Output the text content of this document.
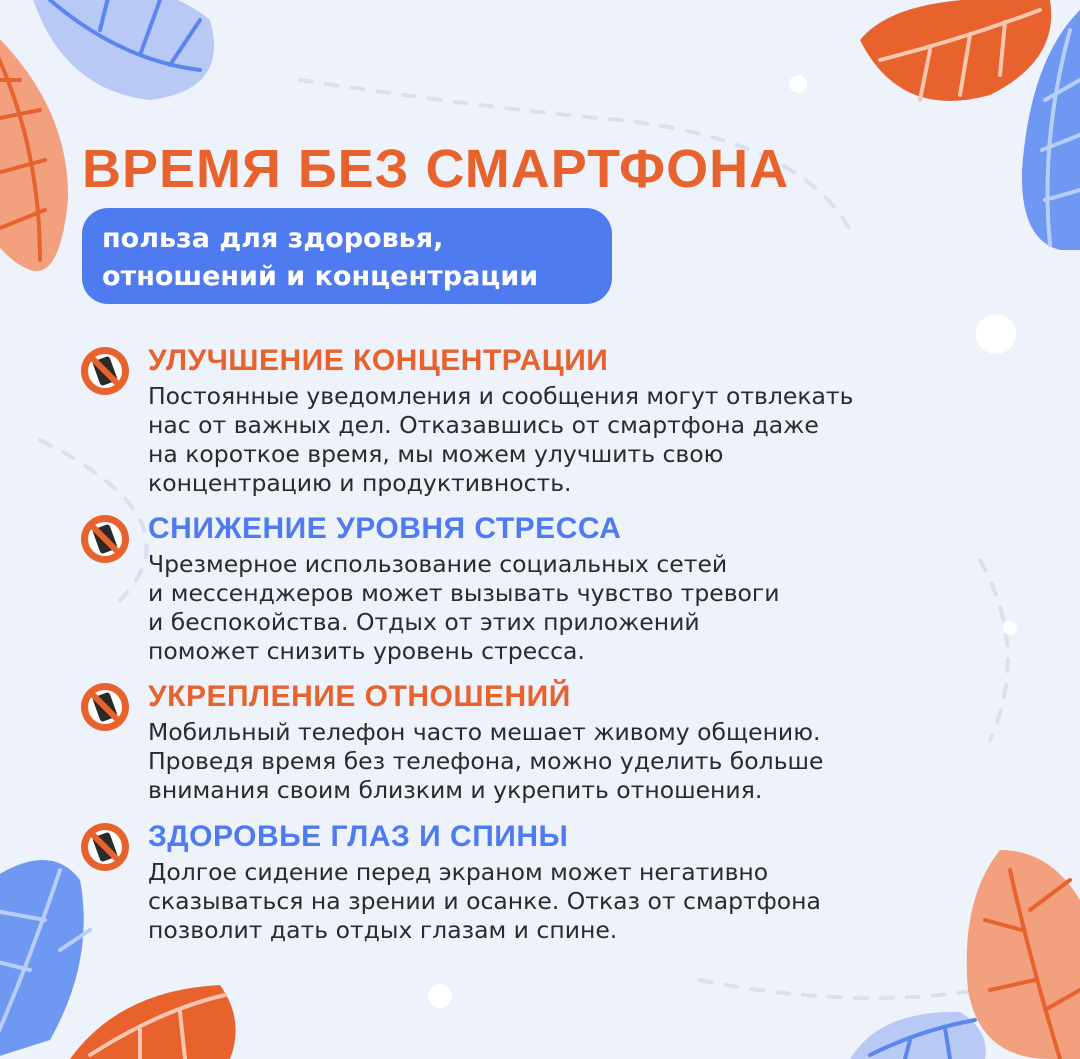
ВРЕМЯ БЕЗ СМАРТФОНА
польза для здоровья,
отношений и концентрации
УЛУЧШЕНИЕ КОНЦЕНТРАЦИИ
Постоянные уведомления и сообщения могут отвлекать
нас от важных дел. Отказавшись от смартфона даже
на короткое время, мы можем улучшить свою
концентрацию и продуктивность.
СНИЖЕНИЕ УРОВНЯ СТРЕССА
Чрезмерное использование социальных сетей
и мессенджеров может вызывать чувство тревоги
и беспокойства. Отдых от этих приложений
поможет снизить уровень стресса.
УКРЕПЛЕНИЕ ОТНОШЕНИЙ
Мобильный телефон часто мешает живому общению.
Проведя время без телефона, можно уделить больше
внимания своим близким и укрепить отношения.
ЗДОРОВЬЕ ГЛАЗ И СПИНЫ
Долгое сидение перед экраном может негативно
сказываться на зрении и осанке. Отказ от смартфона
позволит дать отдых глазам и спине.
